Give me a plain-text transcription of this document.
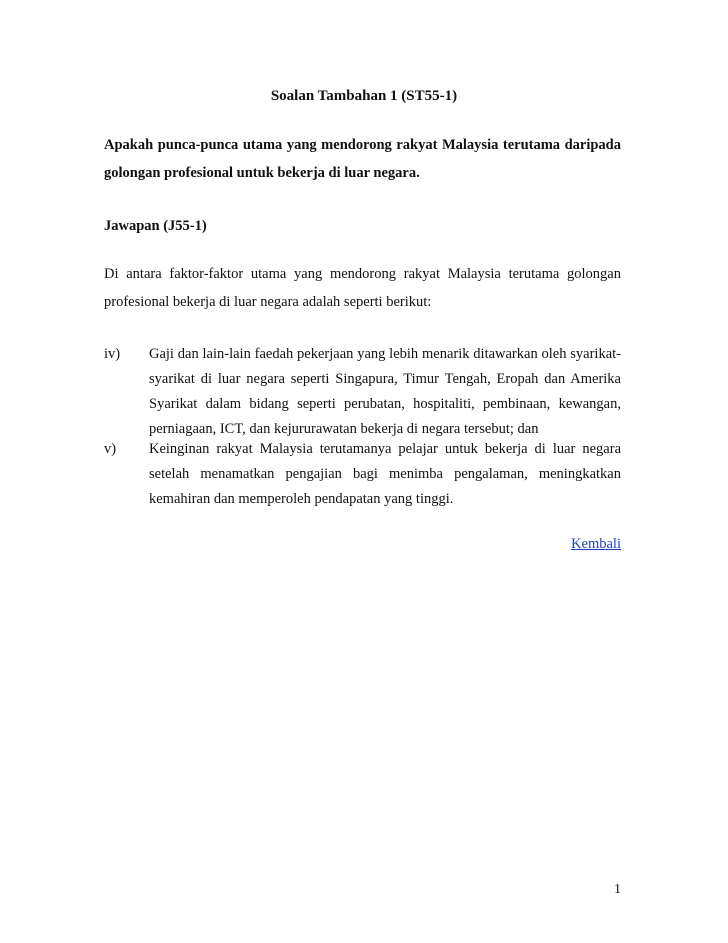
Soalan Tambahan 1 (ST55-1)
Apakah punca-punca utama yang mendorong rakyat Malaysia terutama daripada golongan profesional untuk bekerja di luar negara.
Jawapan (J55-1)
Di antara faktor-faktor utama yang mendorong rakyat Malaysia terutama golongan profesional bekerja di luar negara adalah seperti berikut:
iv) Gaji dan lain-lain faedah pekerjaan yang lebih menarik ditawarkan oleh syarikat-syarikat di luar negara seperti Singapura, Timur Tengah, Eropah dan Amerika Syarikat dalam bidang seperti perubatan, hospitaliti, pembinaan, kewangan, perniagaan, ICT, dan kejururawatan bekerja di negara tersebut; dan
v) Keinginan rakyat Malaysia terutamanya pelajar untuk bekerja di luar negara setelah menamatkan pengajian bagi menimba pengalaman, meningkatkan kemahiran dan memperoleh pendapatan yang tinggi.
Kembali
1
